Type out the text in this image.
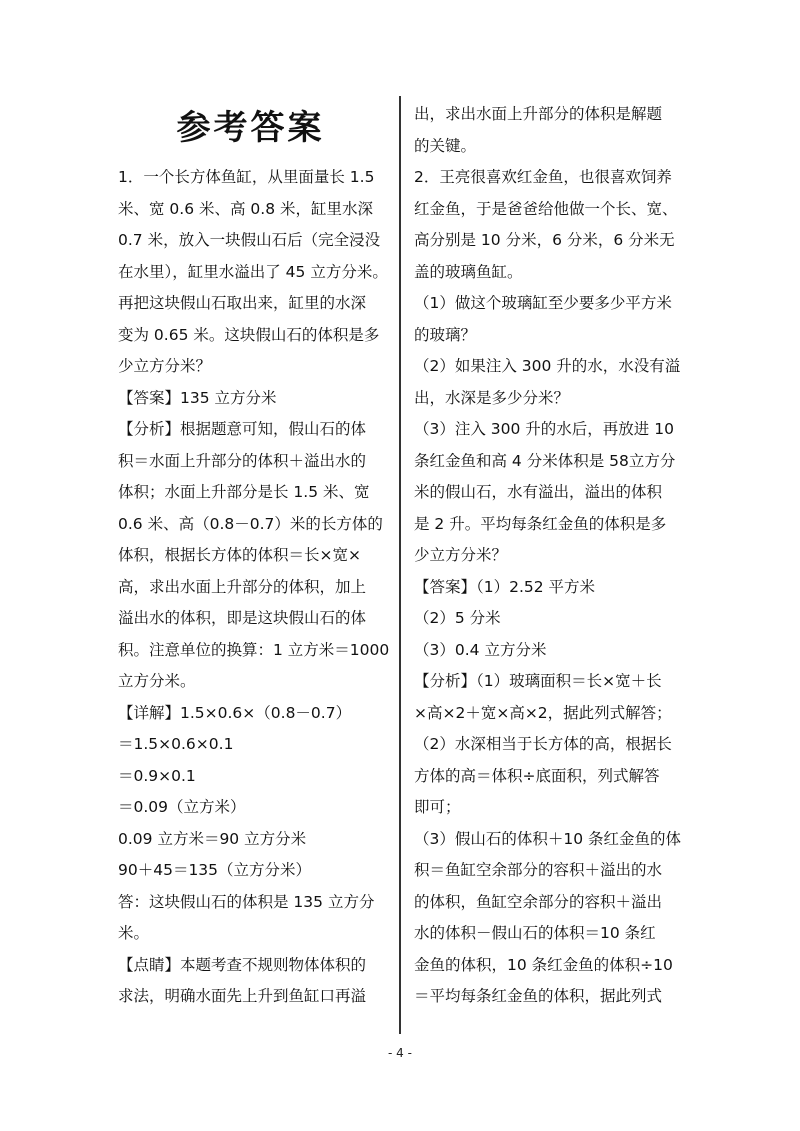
参考答案
1．一个长方体鱼缸，从里面量长 1.5
米、宽 0.6 米、高 0.8 米，缸里水深
0.7 米，放入一块假山石后（完全浸没
在水里），缸里水溢出了 45 立方分米。
再把这块假山石取出来，缸里的水深
变为 0.65 米。这块假山石的体积是多
少立方分米？
【答案】135 立方分米
【分析】根据题意可知，假山石的体
积＝水面上升部分的体积＋溢出水的
体积；水面上升部分是长 1.5 米、宽
0.6 米、高（0.8－0.7）米的长方体的
体积，根据长方体的体积＝长×宽×
高，求出水面上升部分的体积，加上
溢出水的体积，即是这块假山石的体
积。注意单位的换算：1 立方米＝1000
立方分米。
【详解】1.5×0.6×（0.8－0.7）
＝1.5×0.6×0.1
＝0.9×0.1
＝0.09（立方米）
0.09 立方米＝90 立方分米
90＋45＝135（立方分米）
答：这块假山石的体积是 135 立方分
米。
【点睛】本题考查不规则物体体积的
求法，明确水面先上升到鱼缸口再溢
出，求出水面上升部分的体积是解题
的关键。
2．王亮很喜欢红金鱼，也很喜欢饲养
红金鱼，于是爸爸给他做一个长、宽、
高分别是 10 分米，6 分米，6 分米无
盖的玻璃鱼缸。
（1）做这个玻璃缸至少要多少平方米
的玻璃？
（2）如果注入 300 升的水，水没有溢
出，水深是多少分米？
（3）注入 300 升的水后，再放进 10
条红金鱼和高 4 分米体积是 58立方分
米的假山石，水有溢出，溢出的体积
是 2 升。平均每条红金鱼的体积是多
少立方分米？
【答案】（1）2.52 平方米
（2）5 分米
（3）0.4 立方分米
【分析】（1）玻璃面积＝长×宽＋长
×高×2＋宽×高×2，据此列式解答；
（2）水深相当于长方体的高，根据长
方体的高＝体积÷底面积，列式解答
即可；
（3）假山石的体积＋10 条红金鱼的体
积＝鱼缸空余部分的容积＋溢出的水
的体积，鱼缸空余部分的容积＋溢出
水的体积－假山石的体积＝10 条红
金鱼的体积，10 条红金鱼的体积÷10
＝平均每条红金鱼的体积，据此列式
- 4 -
